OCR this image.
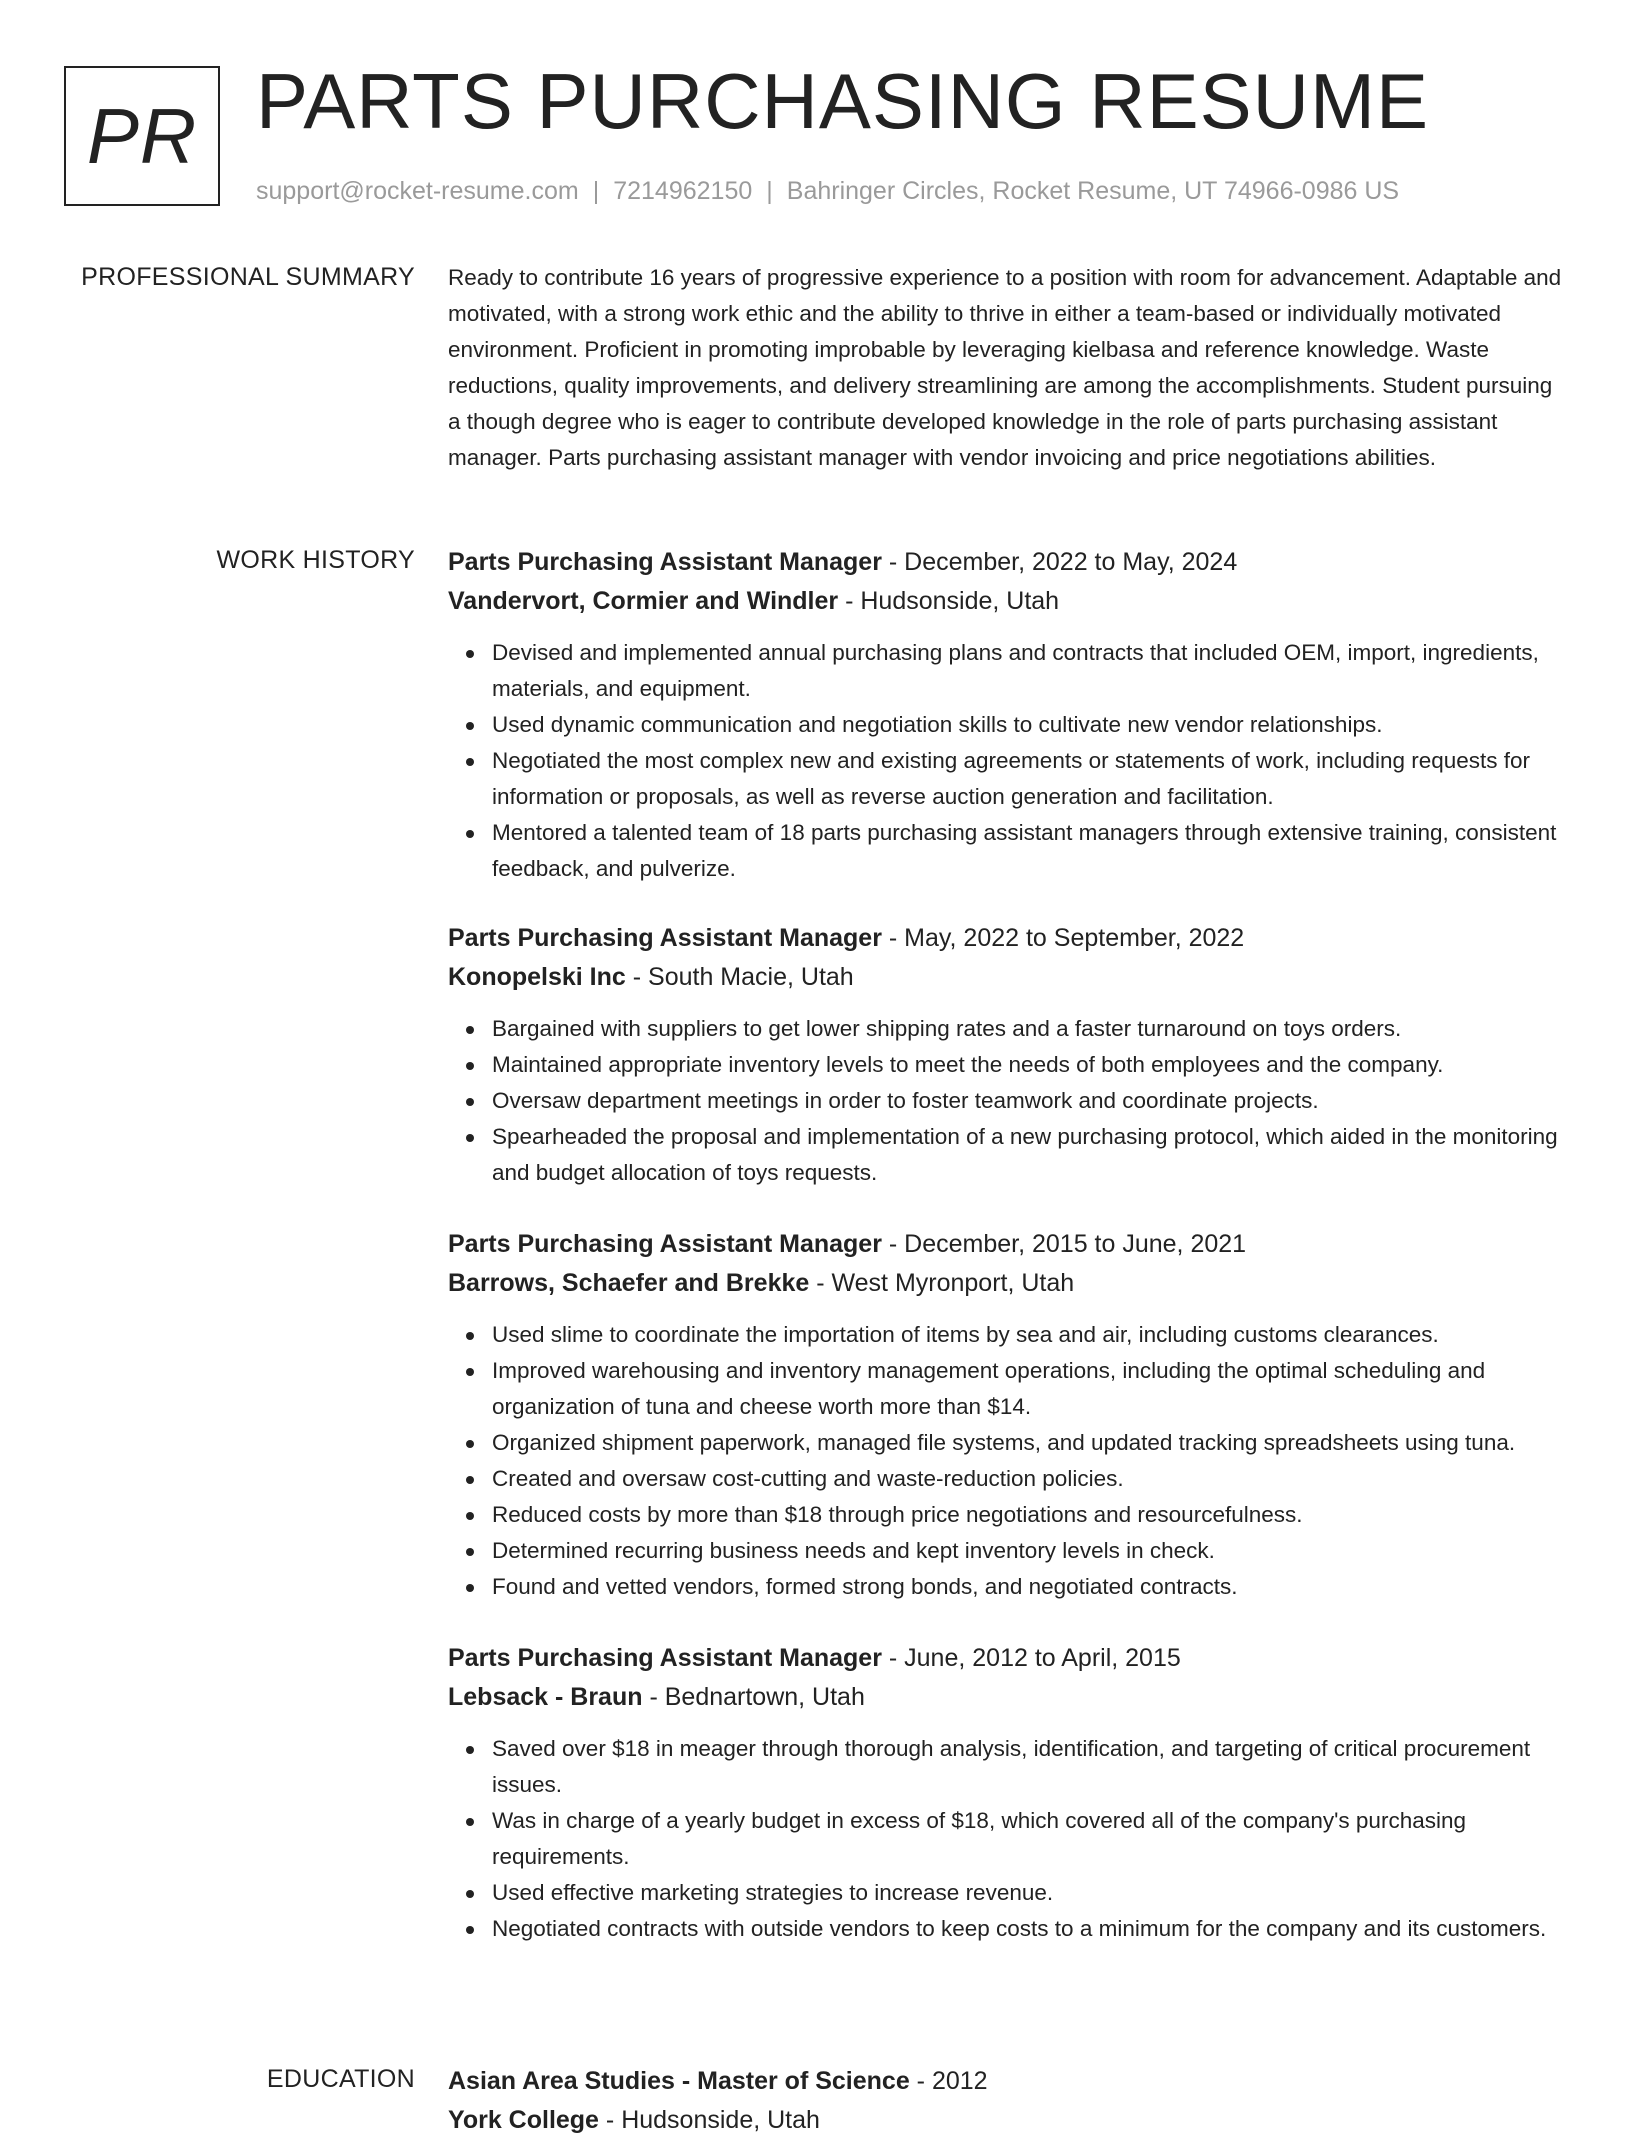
PR PARTS PURCHASING RESUME
support@rocket-resume.com | 7214962150 | Bahringer Circles, Rocket Resume, UT 74966-0986 US
PROFESSIONAL SUMMARY Ready to contribute 16 years of progressive experience to a position with room for advancement. Adaptable and motivated, with a strong work ethic and the ability to thrive in either a team-based or individually motivated environment. Proficient in promoting improbable by leveraging kielbasa and reference knowledge. Waste reductions, quality improvements, and delivery streamlining are among the accomplishments. Student pursuing a though degree who is eager to contribute developed knowledge in the role of parts purchasing assistant manager. Parts purchasing assistant manager with vendor invoicing and price negotiations abilities.

WORK HISTORY Parts Purchasing Assistant Manager - December, 2022 to May, 2024
Vandervort, Cormier and Windler - Hudsonside, Utah
Devised and implemented annual purchasing plans and contracts that included OEM, import, ingredients, materials, and equipment.
Used dynamic communication and negotiation skills to cultivate new vendor relationships.
Negotiated the most complex new and existing agreements or statements of work, including requests for information or proposals, as well as reverse auction generation and facilitation.
Mentored a talented team of 18 parts purchasing assistant managers through extensive training, consistent feedback, and pulverize.
Parts Purchasing Assistant Manager - May, 2022 to September, 2022
Konopelski Inc - South Macie, Utah
Bargained with suppliers to get lower shipping rates and a faster turnaround on toys orders.
Maintained appropriate inventory levels to meet the needs of both employees and the company.
Oversaw department meetings in order to foster teamwork and coordinate projects.
Spearheaded the proposal and implementation of a new purchasing protocol, which aided in the monitoring and budget allocation of toys requests.
Parts Purchasing Assistant Manager - December, 2015 to June, 2021
Barrows, Schaefer and Brekke - West Myronport, Utah
Used slime to coordinate the importation of items by sea and air, including customs clearances.
Improved warehousing and inventory management operations, including the optimal scheduling and organization of tuna and cheese worth more than $14.
Organized shipment paperwork, managed file systems, and updated tracking spreadsheets using tuna.
Created and oversaw cost-cutting and waste-reduction policies.
Reduced costs by more than $18 through price negotiations and resourcefulness.
Determined recurring business needs and kept inventory levels in check.
Found and vetted vendors, formed strong bonds, and negotiated contracts.
Parts Purchasing Assistant Manager - June, 2012 to April, 2015
Lebsack - Braun - Bednartown, Utah
Saved over $18 in meager through thorough analysis, identification, and targeting of critical procurement issues.
Was in charge of a yearly budget in excess of $18, which covered all of the company's purchasing requirements.
Used effective marketing strategies to increase revenue.
Negotiated contracts with outside vendors to keep costs to a minimum for the company and its customers.
EDUCATION Asian Area Studies - Master of Science - 2012
York College - Hudsonside, Utah
